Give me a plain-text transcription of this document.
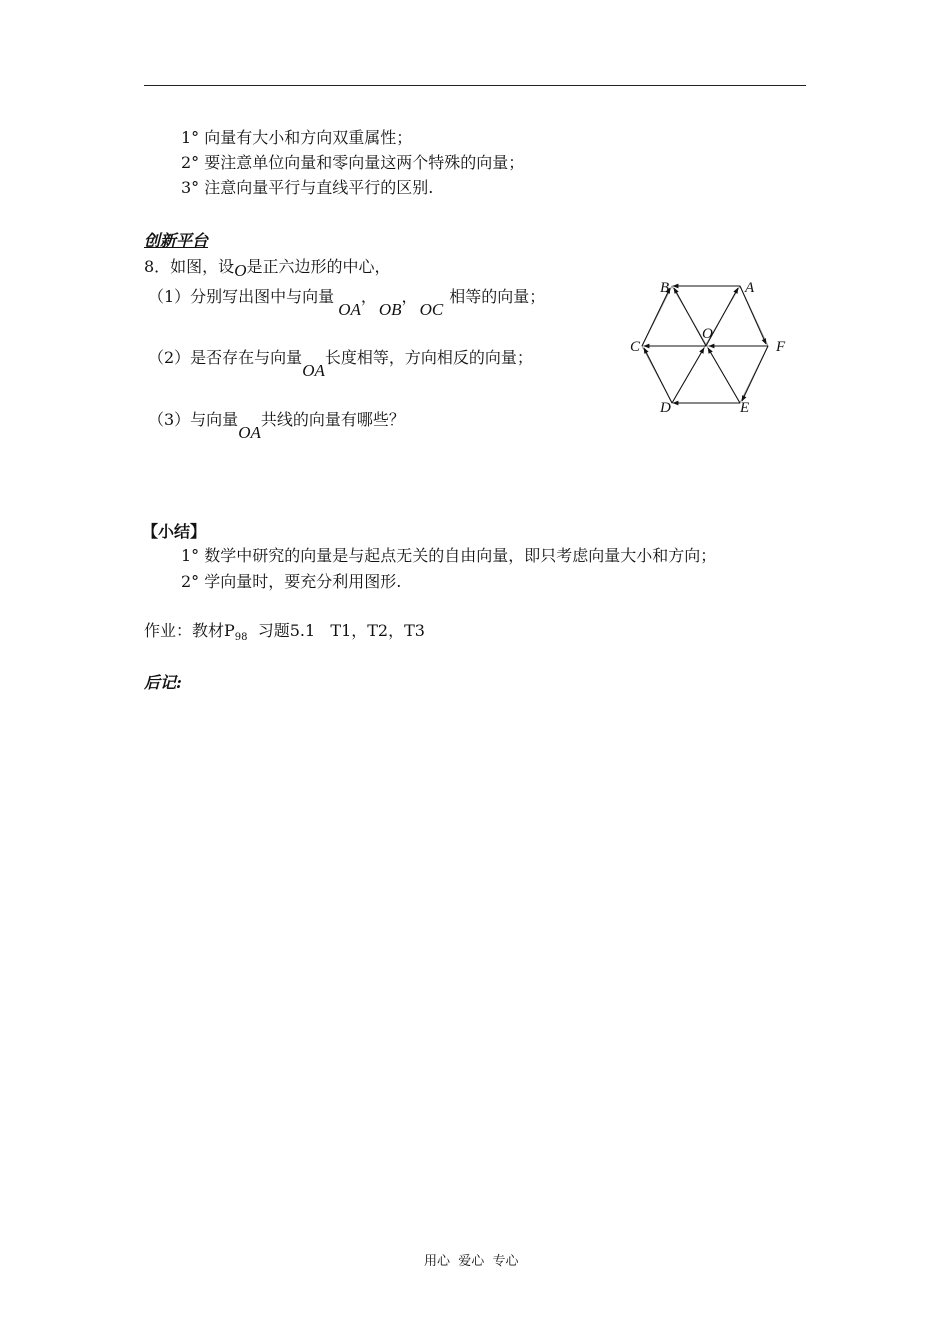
1° 向量有大小和方向双重属性；
2° 要注意单位向量和零向量这两个特殊的向量；
3° 注意向量平行与直线平行的区别.
创新平台
8．如图，设O是正六边形的中心，
（1）分别写出图中与向量OA，OB，OC相等的向量；
（2）是否存在与向量OA长度相等，方向相反的向量；
（3）与向量OA共线的向量有哪些？
B	A
C
O
F
D	E
【小结】
1° 数学中研究的向量是与起点无关的自由向量，即只考虑向量大小和方向；
2° 学向量时，要充分利用图形.
作业：教材$P_{98}$  习题5.1   T1，T2，T3
后记:
用心  爱心  专心
